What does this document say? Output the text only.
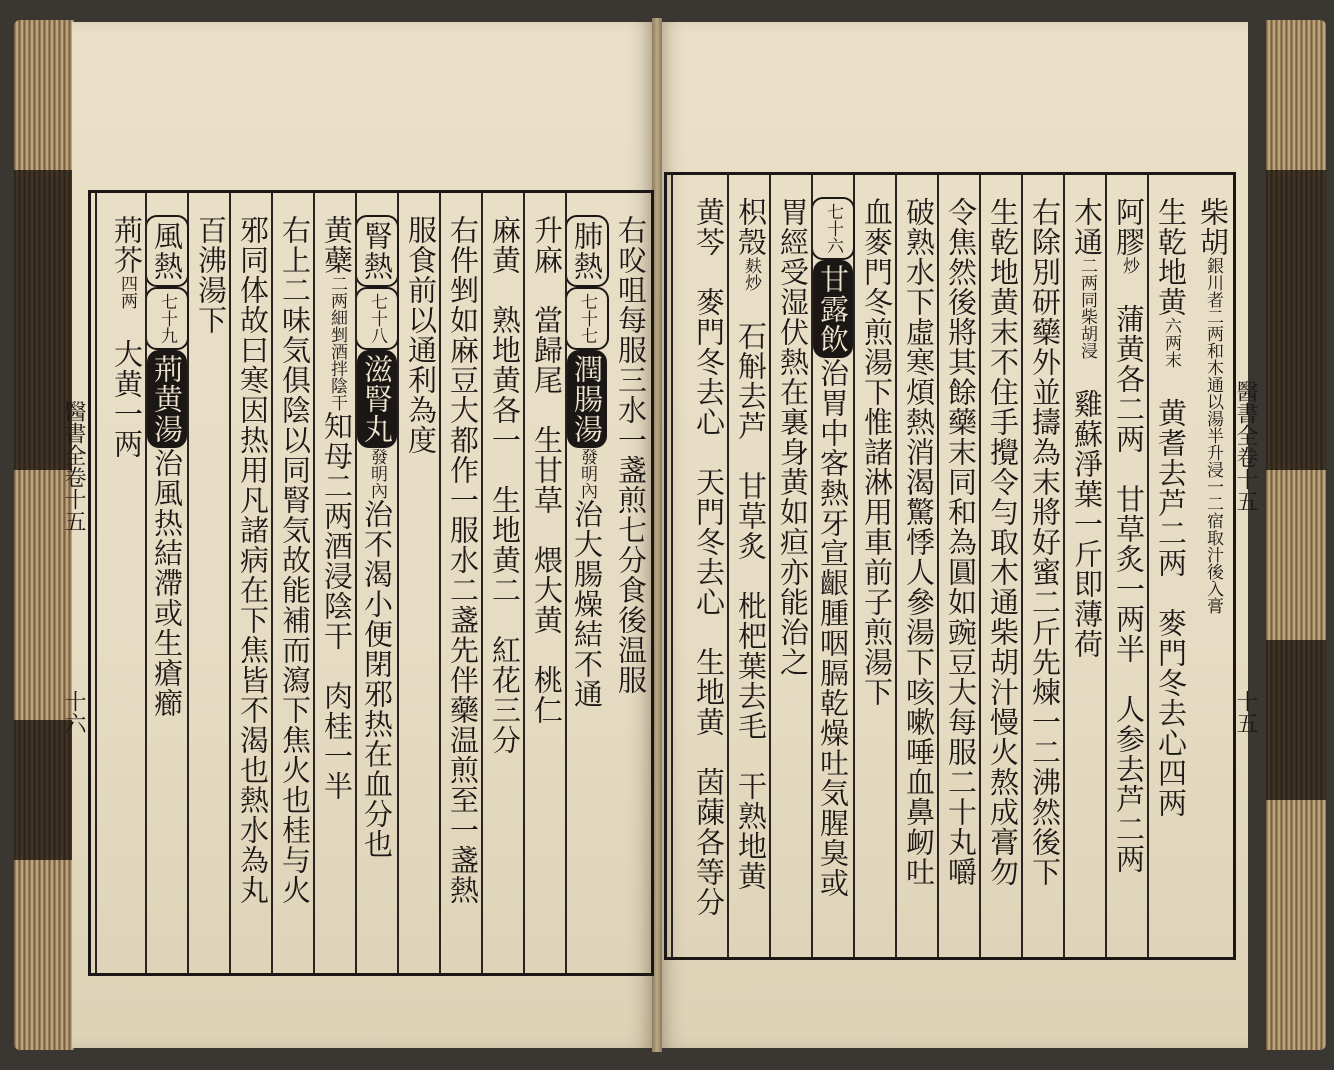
醫書全卷十五
十六
醫書全卷十五
十五
右㕮咀每服三水一盞煎七分食後温服
肺熱七十七潤腸湯發明內治大腸燥結不通
升麻　當歸尾　生甘草　煨大黄　桃仁
麻黄　熟地黄各一　生地黄二　紅花三分
右件剉如麻豆大都作一服水二盞先伴藥温煎至一盞熱
服食前以通利為度
腎熱七十八滋腎丸發明內治不渴小便閉邪热在血分也
黄蘗二两細剉酒拌陰干知母二两酒浸陰干　肉桂一半
右上二味気俱陰以同腎気故能補而瀉下焦火也桂与火
邪同体故曰寒因热用凡諸病在下焦皆不渴也熱水為丸
百沸湯下
風熱七十九荊黄湯治風热結滯或生瘡癤
荊芥四两　大黄一两
柴胡銀川者二两和木通以湯半升浸一二宿取汁後入膏
生乾地黄六两末　黄耆去芦二两　麥門冬去心四两
阿膠炒　蒲黄各二两　甘草炙一两半　人参去芦二两
木通二两同柴胡浸　雞蘇淨葉一斤即薄荷
右除別研藥外並擣為末將好蜜二斤先煉一二沸然後下
生乾地黄末不住手攪令勻取木通柴胡汁慢火熬成膏勿
令焦然後將其餘藥末同和為圓如豌豆大每服二十丸嚼
破熟水下虛寒煩熱消渴驚悸人參湯下咳嗽唾血鼻衂吐
血麥門冬煎湯下惟諸淋用車前子煎湯下
七十六甘露飲治胃中客熱牙宣齦腫咽膈乾燥吐気腥臭或
胃經受湿伏熱在裏身黄如疸亦能治之
枳殼麸炒　石斛去芦　甘草炙　枇杷葉去毛　干熟地黄
黄芩　麥門冬去心　天門冬去心　生地黄　茵蔯各等分
